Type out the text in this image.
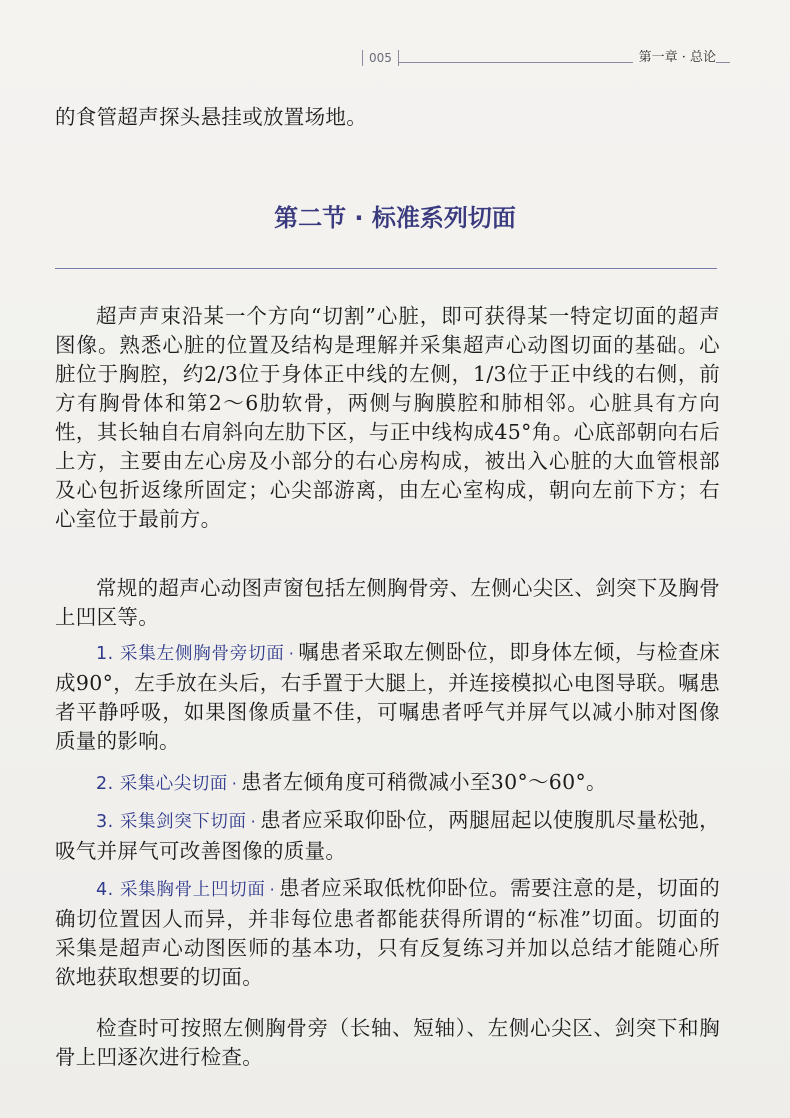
005	第一章 · 总论
的食管超声探头悬挂或放置场地。
第二节 · 标准系列切面
超声声束沿某一个方向“切割”心脏，即可获得某一特定切面的超声图像。熟悉心脏的位置及结构是理解并采集超声心动图切面的基础。心脏位于胸腔，约2/3位于身体正中线的左侧，1/3位于正中线的右侧，前方有胸骨体和第2～6肋软骨，两侧与胸膜腔和肺相邻。心脏具有方向性，其长轴自右肩斜向左肋下区，与正中线构成45°角。心底部朝向右后上方，主要由左心房及小部分的右心房构成，被出入心脏的大血管根部及心包折返缘所固定；心尖部游离，由左心室构成，朝向左前下方；右心室位于最前方。
常规的超声心动图声窗包括左侧胸骨旁、左侧心尖区、剑突下及胸骨上凹区等。
1. 采集左侧胸骨旁切面 · 嘱患者采取左侧卧位，即身体左倾，与检查床成90°，左手放在头后，右手置于大腿上，并连接模拟心电图导联。嘱患者平静呼吸，如果图像质量不佳，可嘱患者呼气并屏气以减小肺对图像质量的影响。
2. 采集心尖切面 · 患者左倾角度可稍微减小至30°～60°。
3. 采集剑突下切面 · 患者应采取仰卧位，两腿屈起以使腹肌尽量松弛，吸气并屏气可改善图像的质量。
4. 采集胸骨上凹切面 · 患者应采取低枕仰卧位。需要注意的是，切面的确切位置因人而异，并非每位患者都能获得所谓的“标准”切面。切面的采集是超声心动图医师的基本功，只有反复练习并加以总结才能随心所欲地获取想要的切面。
检查时可按照左侧胸骨旁（长轴、短轴）、左侧心尖区、剑突下和胸骨上凹逐次进行检查。
